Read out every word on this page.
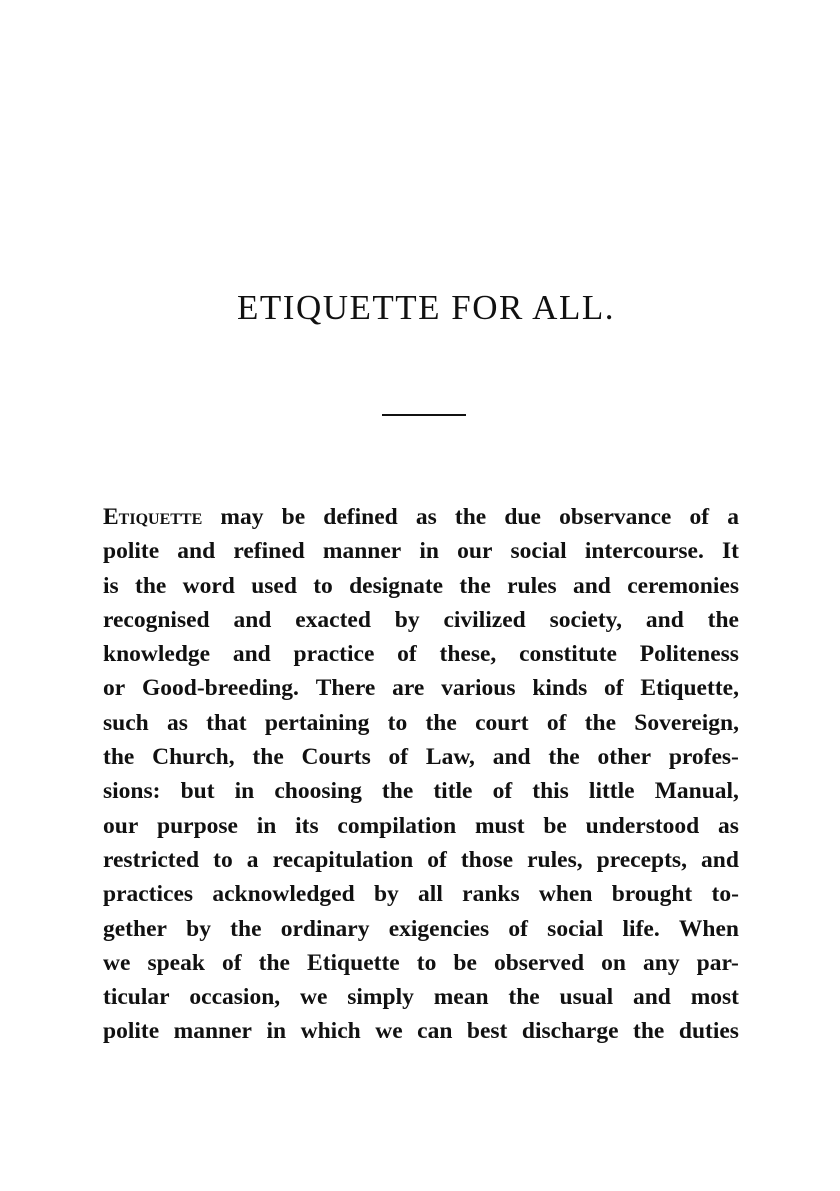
ETIQUETTE FOR ALL.
Etiquette may be defined as the due observance of a
polite and refined manner in our social intercourse. It
is the word used to designate the rules and ceremonies
recognised and exacted by civilized society, and the
knowledge and practice of these, constitute Politeness
or Good-breeding. There are various kinds of Etiquette,
such as that pertaining to the court of the Sovereign,
the Church, the Courts of Law, and the other profes-
sions: but in choosing the title of this little Manual,
our purpose in its compilation must be understood as
restricted to a recapitulation of those rules, precepts, and
practices acknowledged by all ranks when brought to-
gether by the ordinary exigencies of social life. When
we speak of the Etiquette to be observed on any par-
ticular occasion, we simply mean the usual and most
polite manner in which we can best discharge the duties
